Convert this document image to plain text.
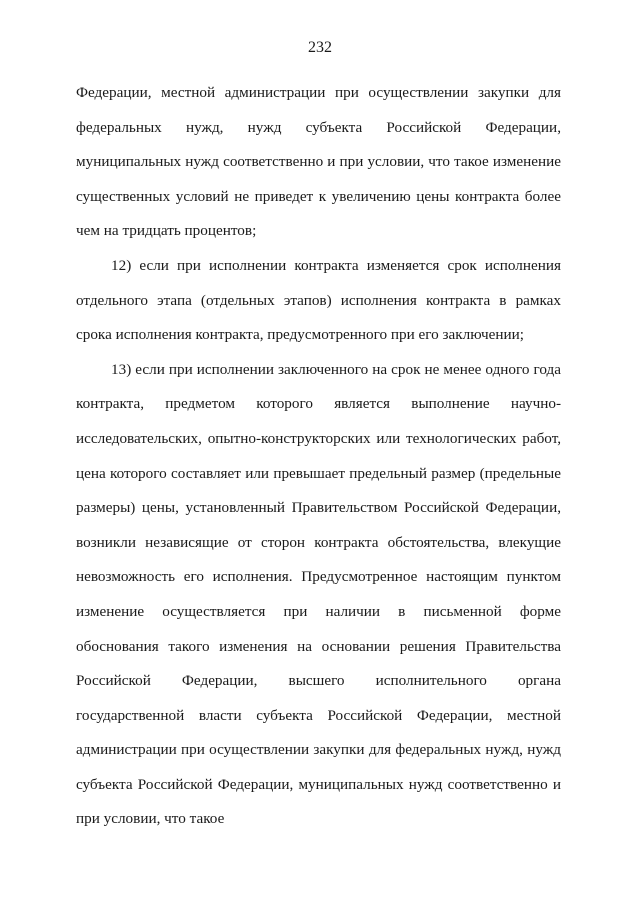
232

Федерации, местной администрации при осуществлении закупки для федеральных нужд, нужд субъекта Российской Федерации, муниципальных нужд соответственно и при условии, что такое изменение существенных условий не приведет к увеличению цены контракта более чем на тридцать процентов;

12) если при исполнении контракта изменяется срок исполнения отдельного этапа (отдельных этапов) исполнения контракта в рамках срока исполнения контракта, предусмотренного при его заключении;

13) если при исполнении заключенного на срок не менее одного года контракта, предметом которого является выполнение научно-исследовательских, опытно-конструкторских или технологических работ, цена которого составляет или превышает предельный размер (предельные размеры) цены, установленный Правительством Российской Федерации, возникли независящие от сторон контракта обстоятельства, влекущие невозможность его исполнения. Предусмотренное настоящим пунктом изменение осуществляется при наличии в письменной форме обоснования такого изменения на основании решения Правительства Российской Федерации, высшего исполнительного органа государственной власти субъекта Российской Федерации, местной администрации при осуществлении закупки для федеральных нужд, нужд субъекта Российской Федерации, муниципальных нужд соответственно и при условии, что такое
